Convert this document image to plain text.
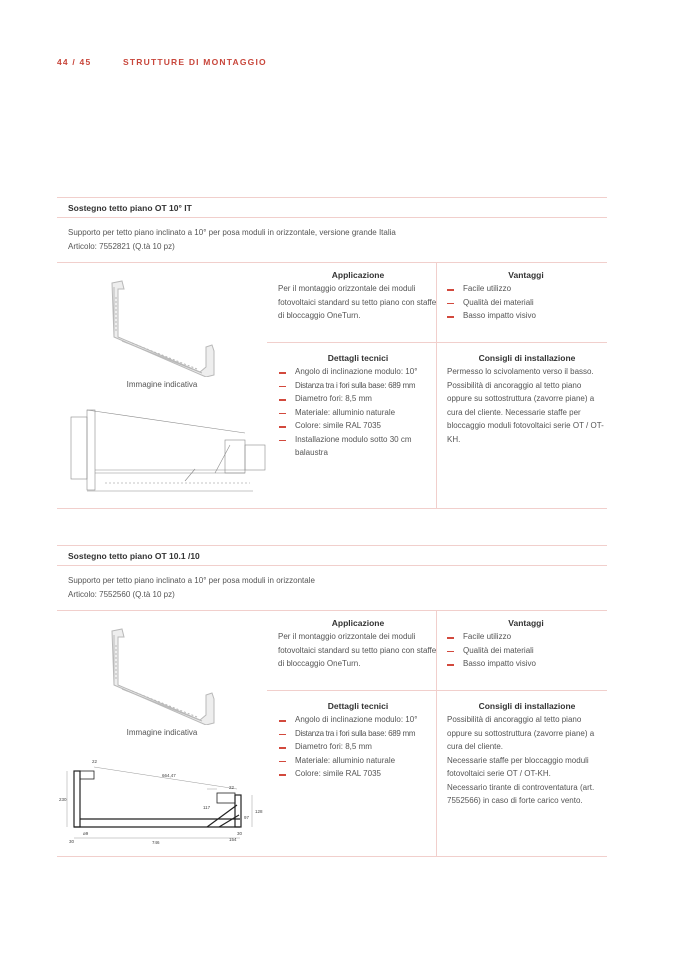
44 / 45	STRUTTURE DI MONTAGGIO
Sostegno tetto piano OT 10° IT
Supporto per tetto piano inclinato a 10° per posa moduli in orizzontale, versione grande Italia
Articolo: 7552821 (Q.tà 10 pz)
Immagine indicativa
Applicazione

Per il montaggio orizzontale dei moduli fotovoltaici standard su tetto piano con staffe di bloccaggio OneTurn.

Vantaggi
Facile utilizzo
Qualità dei materiali
Basso impatto visivo
Dettagli tecnici
Angolo di inclinazione modulo: 10°
Distanza tra i fori sulla base: 689 mm
Diametro fori: 8,5 mm
Materiale: alluminio naturale
Colore: simile RAL 7035
Installazione modulo sotto 30 cm balaustra
Consigli di installazione

Permesso lo scivolamento verso il basso. Possibilità di ancoraggio al tetto piano oppure su sottostruttura (zavorre piane) a cura del cliente. Necessarie staffe per bloccaggio moduli fotovoltaici serie OT / OT-KH.

Sostegno tetto piano OT 10.1 /10
Supporto per tetto piano inclinato a 10° per posa moduli in orizzontale
Articolo: 7552560 (Q.tà 10 pz)
Immagine indicativa
22
664,47
230
ø9
30	746
22
117
128
97
30
154
Applicazione

Per il montaggio orizzontale dei moduli fotovoltaici standard su tetto piano con staffe di bloccaggio OneTurn.

Vantaggi
Facile utilizzo
Qualità dei materiali
Basso impatto visivo
Dettagli tecnici
Angolo di inclinazione modulo: 10°
Distanza tra i fori sulla base: 689 mm
Diametro fori: 8,5 mm
Materiale: alluminio naturale
Colore: simile RAL 7035
Consigli di installazione

Possibilità di ancoraggio al tetto piano oppure su sottostruttura (zavorre piane) a cura del cliente.

Necessarie staffe per bloccaggio moduli fotovoltaici serie OT / OT-KH.

Necessario tirante di controventatura (art. 7552566) in caso di forte carico vento.
